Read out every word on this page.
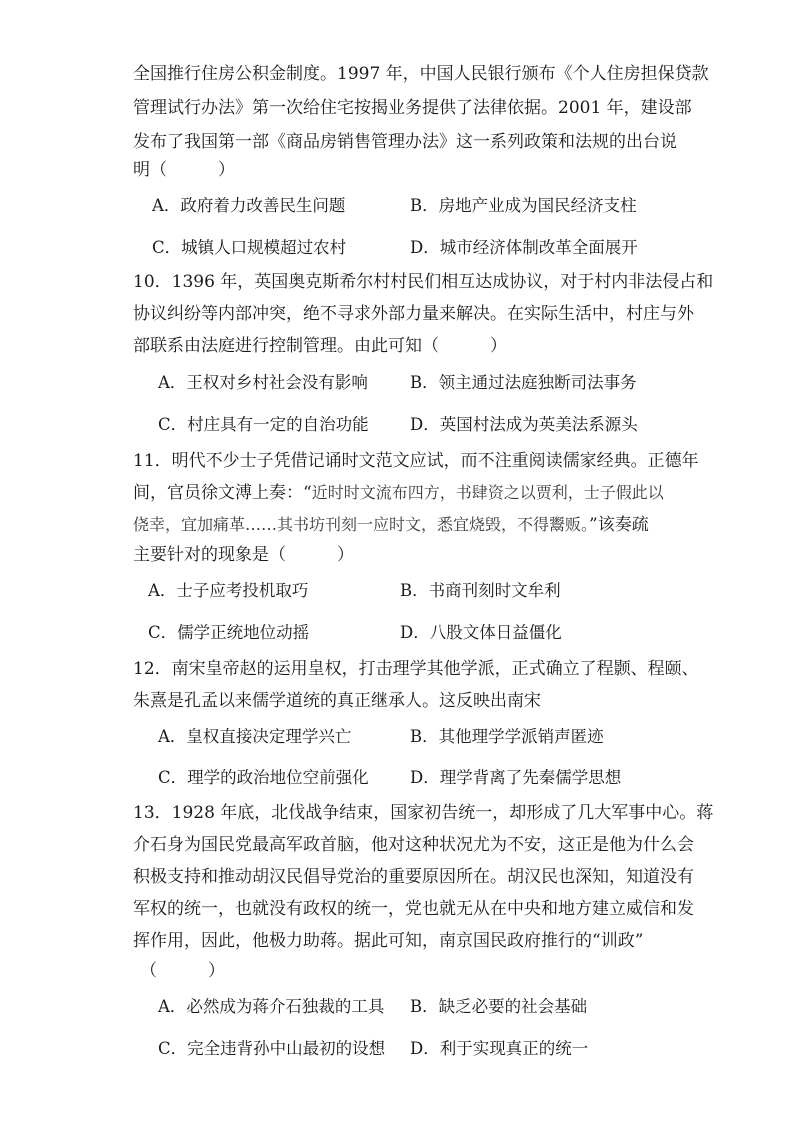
全国推行住房公积金制度。1997 年，中国人民银行颁布《个人住房担保贷款
管理试行办法》第一次给住宅按揭业务提供了法律依据。2001 年，建设部
发布了我国第一部《商品房销售管理办法》这一系列政策和法规的出台说
明（　　　）
A．政府着力改善民生问题	B．房地产业成为国民经济支柱
C．城镇人口规模超过农村	D．城市经济体制改革全面展开
10．1396 年，英国奥克斯希尔村村民们相互达成协议，对于村内非法侵占和
协议纠纷等内部冲突，绝不寻求外部力量来解决。在实际生活中，村庄与外
部联系由法庭进行控制管理。由此可知（　　　）
A．王权对乡村社会没有影响	B．领主通过法庭独断司法事务
C．村庄具有一定的自治功能	D．英国村法成为英美法系源头
11．明代不少士子凭借记诵时文范文应试，而不注重阅读儒家经典。正德年
间，官员徐文溥上奏：“近时时文流布四方，书肆资之以贾利，士子假此以
侥幸，宜加痛革……其书坊刊刻一应时文，悉宜烧毁，不得鬻贩。”该奏疏
主要针对的现象是（　　　）
A．士子应考投机取巧	B．书商刊刻时文牟利
C．儒学正统地位动摇	D．八股文体日益僵化
12．南宋皇帝赵的运用皇权，打击理学其他学派，正式确立了程颢、程颐、
朱熹是孔孟以来儒学道统的真正继承人。这反映出南宋
A．皇权直接决定理学兴亡	B．其他理学学派销声匿迹
C．理学的政治地位空前强化	D．理学背离了先秦儒学思想
13．1928 年底，北伐战争结束，国家初告统一，却形成了几大军事中心。蒋
介石身为国民党最高军政首脑，他对这种状况尤为不安，这正是他为什么会
积极支持和推动胡汉民倡导党治的重要原因所在。胡汉民也深知，知道没有
军权的统一，也就没有政权的统一，党也就无从在中央和地方建立威信和发
挥作用，因此，他极力助蒋。据此可知，南京国民政府推行的“训政”
（　　　）
A．必然成为蒋介石独裁的工具 B．缺乏必要的社会基础
C．完全违背孙中山最初的设想 D．利于实现真正的统一
